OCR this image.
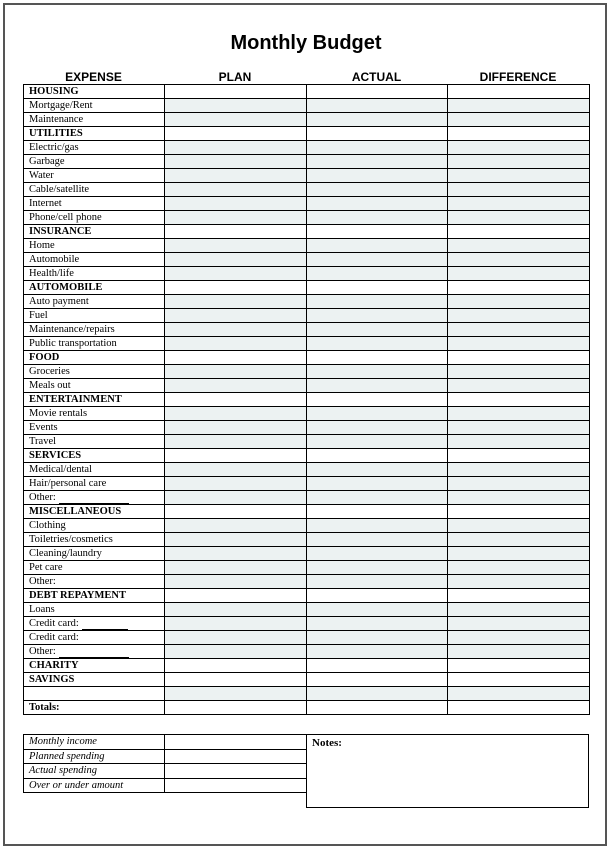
Monthly Budget
EXPENSE	PLAN	ACTUAL	DIFFERENCE
HOUSING			
Mortgage/Rent			
Maintenance			
UTILITIES			
Electric/gas			
Garbage			
Water			
Cable/satellite			
Internet			
Phone/cell phone			
INSURANCE			
Home			
Automobile			
Health/life			
AUTOMOBILE			
Auto payment			
Fuel			
Maintenance/repairs			
Public transportation			
FOOD			
Groceries			
Meals out			
ENTERTAINMENT			
Movie rentals			
Events			
Travel			
SERVICES			
Medical/dental			
Hair/personal care			
Other:			
MISCELLANEOUS			
Clothing			
Toiletries/cosmetics			
Cleaning/laundry			
Pet care			
Other:			
DEBT REPAYMENT			
Loans			
Credit card:			
Credit card:			
Other:			
CHARITY			
SAVINGS			

Totals:			

Monthly income	
Planned spending	
Actual spending	
Over or under amount	
Notes:
